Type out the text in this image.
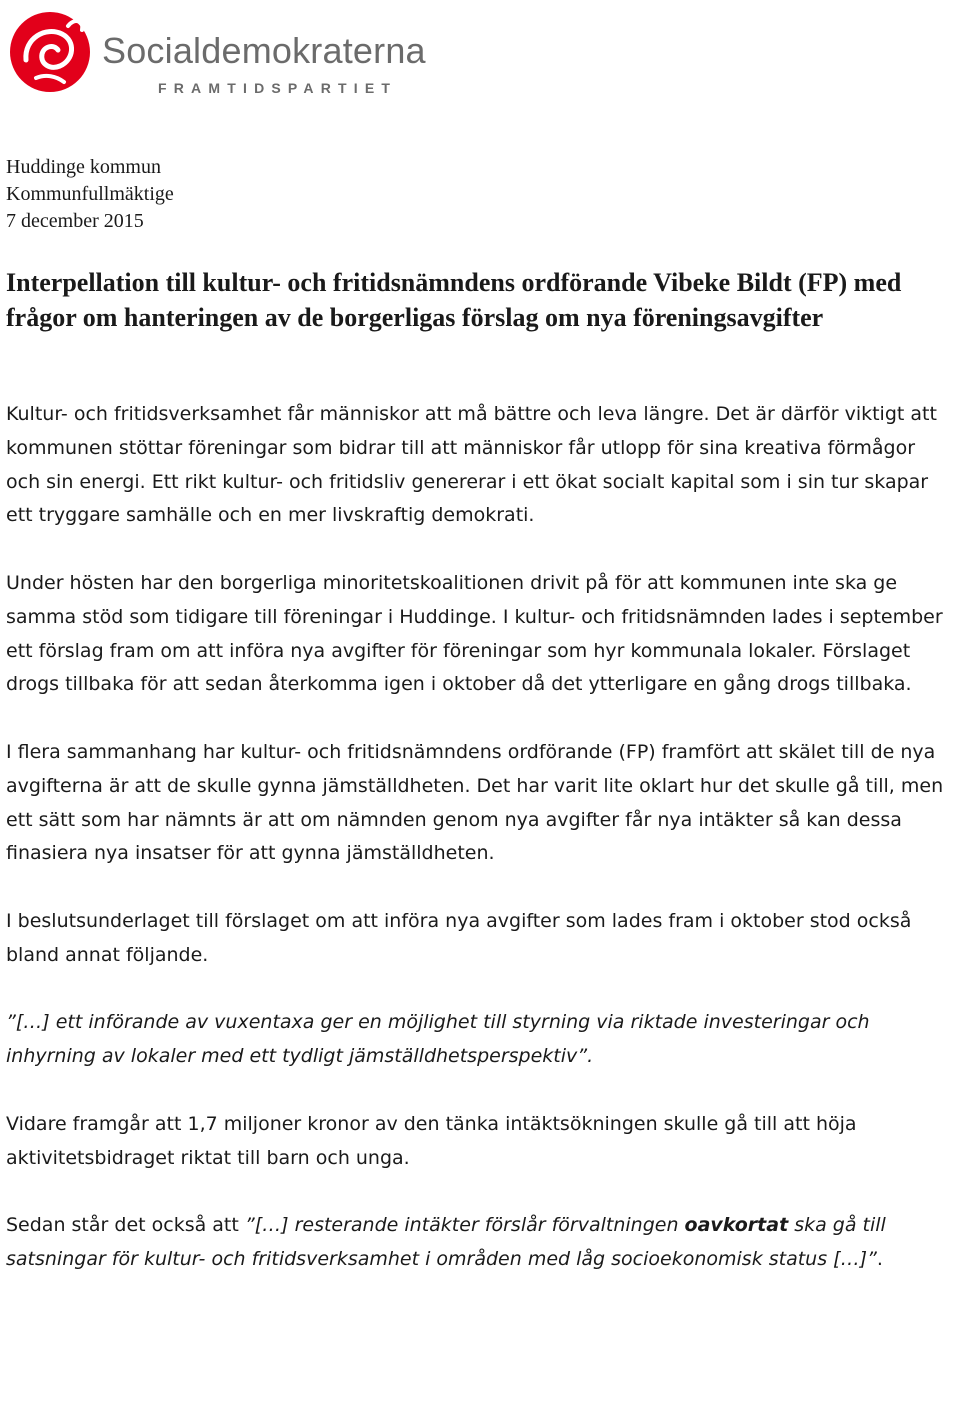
Socialdemokraterna
FRAMTIDSPARTIET
Huddinge kommun
Kommunfullmäktige
7 december 2015
Interpellation till kultur- och fritidsnämndens ordförande Vibeke Bildt (FP) med frågor om hanteringen av de borgerligas förslag om nya föreningsavgifter

Kultur- och fritidsverksamhet får människor att må bättre och leva längre. Det är därför viktigt att kommunen stöttar föreningar som bidrar till att människor får utlopp för sina kreativa förmågor och sin energi. Ett rikt kultur- och fritidsliv genererar i ett ökat socialt kapital som i sin tur skapar ett tryggare samhälle och en mer livskraftig demokrati.

Under hösten har den borgerliga minoritetskoalitionen drivit på för att kommunen inte ska ge samma stöd som tidigare till föreningar i Huddinge. I kultur- och fritidsnämnden lades i september ett förslag fram om att införa nya avgifter för föreningar som hyr kommunala lokaler. Förslaget drogs tillbaka för att sedan återkomma igen i oktober då det ytterligare en gång drogs tillbaka.

I flera sammanhang har kultur- och fritidsnämndens ordförande (FP) framfört att skälet till de nya avgifterna är att de skulle gynna jämställdheten. Det har varit lite oklart hur det skulle gå till, men ett sätt som har nämnts är att om nämnden genom nya avgifter får nya intäkter så kan dessa finasiera nya insatser för att gynna jämställdheten.

I beslutsunderlaget till förslaget om att införa nya avgifter som lades fram i oktober stod också bland annat följande.

”[…] ett införande av vuxentaxa ger en möjlighet till styrning via riktade investeringar och inhyrning av lokaler med ett tydligt jämställdhetsperspektiv”.

Vidare framgår att 1,7 miljoner kronor av den tänka intäktsökningen skulle gå till att höja aktivitetsbidraget riktat till barn och unga.

Sedan står det också att ”[…] resterande intäkter förslår förvaltningen oavkortat ska gå till satsningar för kultur- och fritidsverksamhet i områden med låg socioekonomisk status […]”.
